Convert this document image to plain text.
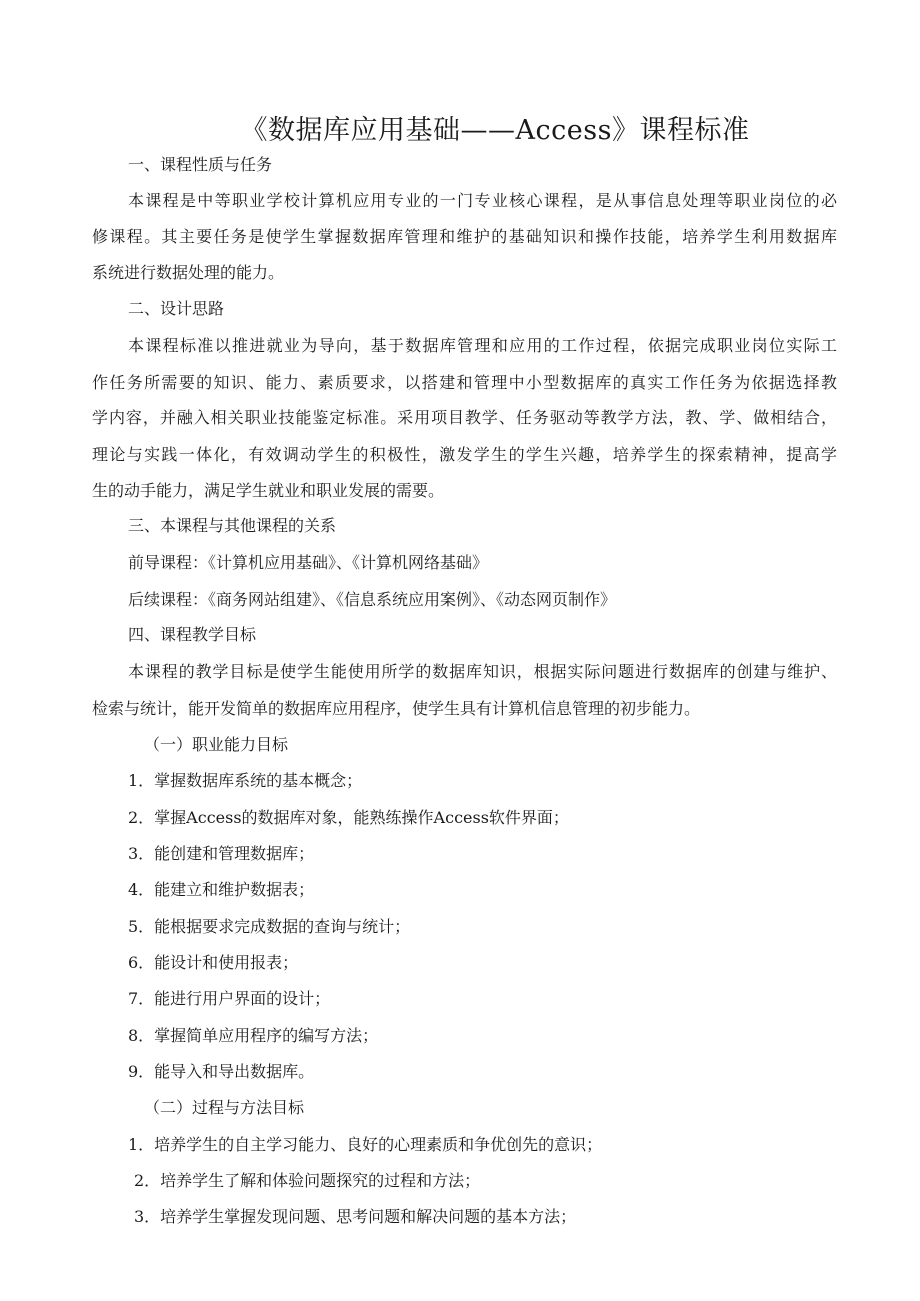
《数据库应用基础——Access》课程标准
一、课程性质与任务
本课程是中等职业学校计算机应用专业的一门专业核心课程，是从事信息处理等职业岗位的必
修课程。其主要任务是使学生掌握数据库管理和维护的基础知识和操作技能，培养学生利用数据库
系统进行数据处理的能力。
二、设计思路
本课程标准以推进就业为导向，基于数据库管理和应用的工作过程，依据完成职业岗位实际工
作任务所需要的知识、能力、素质要求，以搭建和管理中小型数据库的真实工作任务为依据选择教
学内容，并融入相关职业技能鉴定标准。采用项目教学、任务驱动等教学方法，教、学、做相结合，
理论与实践一体化，有效调动学生的积极性，激发学生的学生兴趣，培养学生的探索精神，提高学
生的动手能力，满足学生就业和职业发展的需要。
三、本课程与其他课程的关系
前导课程：《计算机应用基础》、《计算机网络基础》
后续课程：《商务网站组建》、《信息系统应用案例》、《动态网页制作》
四、课程教学目标
本课程的教学目标是使学生能使用所学的数据库知识，根据实际问题进行数据库的创建与维护、
检索与统计，能开发简单的数据库应用程序，使学生具有计算机信息管理的初步能力。
（一）职业能力目标
1．掌握数据库系统的基本概念；
2．掌握Access的数据库对象，能熟练操作Access软件界面；
3．能创建和管理数据库；
4．能建立和维护数据表；
5．能根据要求完成数据的查询与统计；
6．能设计和使用报表；
7．能进行用户界面的设计；
8．掌握简单应用程序的编写方法；
9．能导入和导出数据库。
（二）过程与方法目标
1．培养学生的自主学习能力、良好的心理素质和争优创先的意识；
2．培养学生了解和体验问题探究的过程和方法；
3．培养学生掌握发现问题、思考问题和解决问题的基本方法；
